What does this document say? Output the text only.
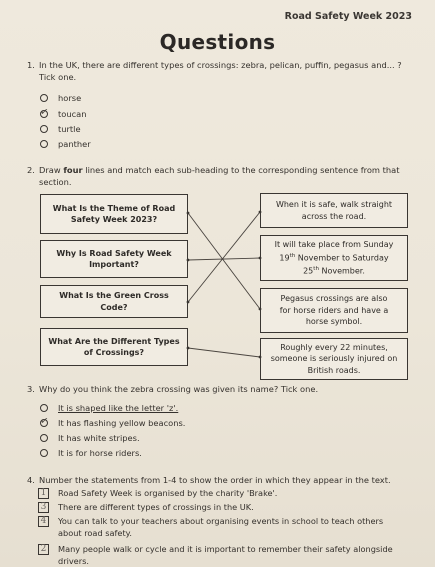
Road Safety Week 2023
Questions
1. In the UK, there are different types of crossings: zebra, pelican, puffin, pegasus and... ?
Tick one.
horse
✓ toucan
turtle
panther
2. Draw four lines and match each sub-heading to the corresponding sentence from that
section.
What Is the Theme of Road
Safety Week 2023?
Why Is Road Safety Week
Important?
What Is the Green Cross Code?
What Are the Different Types
of Crossings?
When it is safe, walk straight
across the road.
It will take place from Sunday
19th November to Saturday
25th November.
Pegasus crossings are also
for horse riders and have a
horse symbol.
Roughly every 22 minutes,
someone is seriously injured on
British roads.
3. Why do you think the zebra crossing was given its name? Tick one.
It is shaped like the letter 'z'.
✓ It has flashing yellow beacons.
It has white stripes.
It is for horse riders.
4. Number the statements from 1-4 to show the order in which they appear in the text.
1	Road Safety Week is organised by the charity 'Brake'.
3	There are different types of crossings in the UK.
4	You can talk to your teachers about organising events in school to teach others
about road safety.
2	Many people walk or cycle and it is important to remember their safety alongside drivers.
